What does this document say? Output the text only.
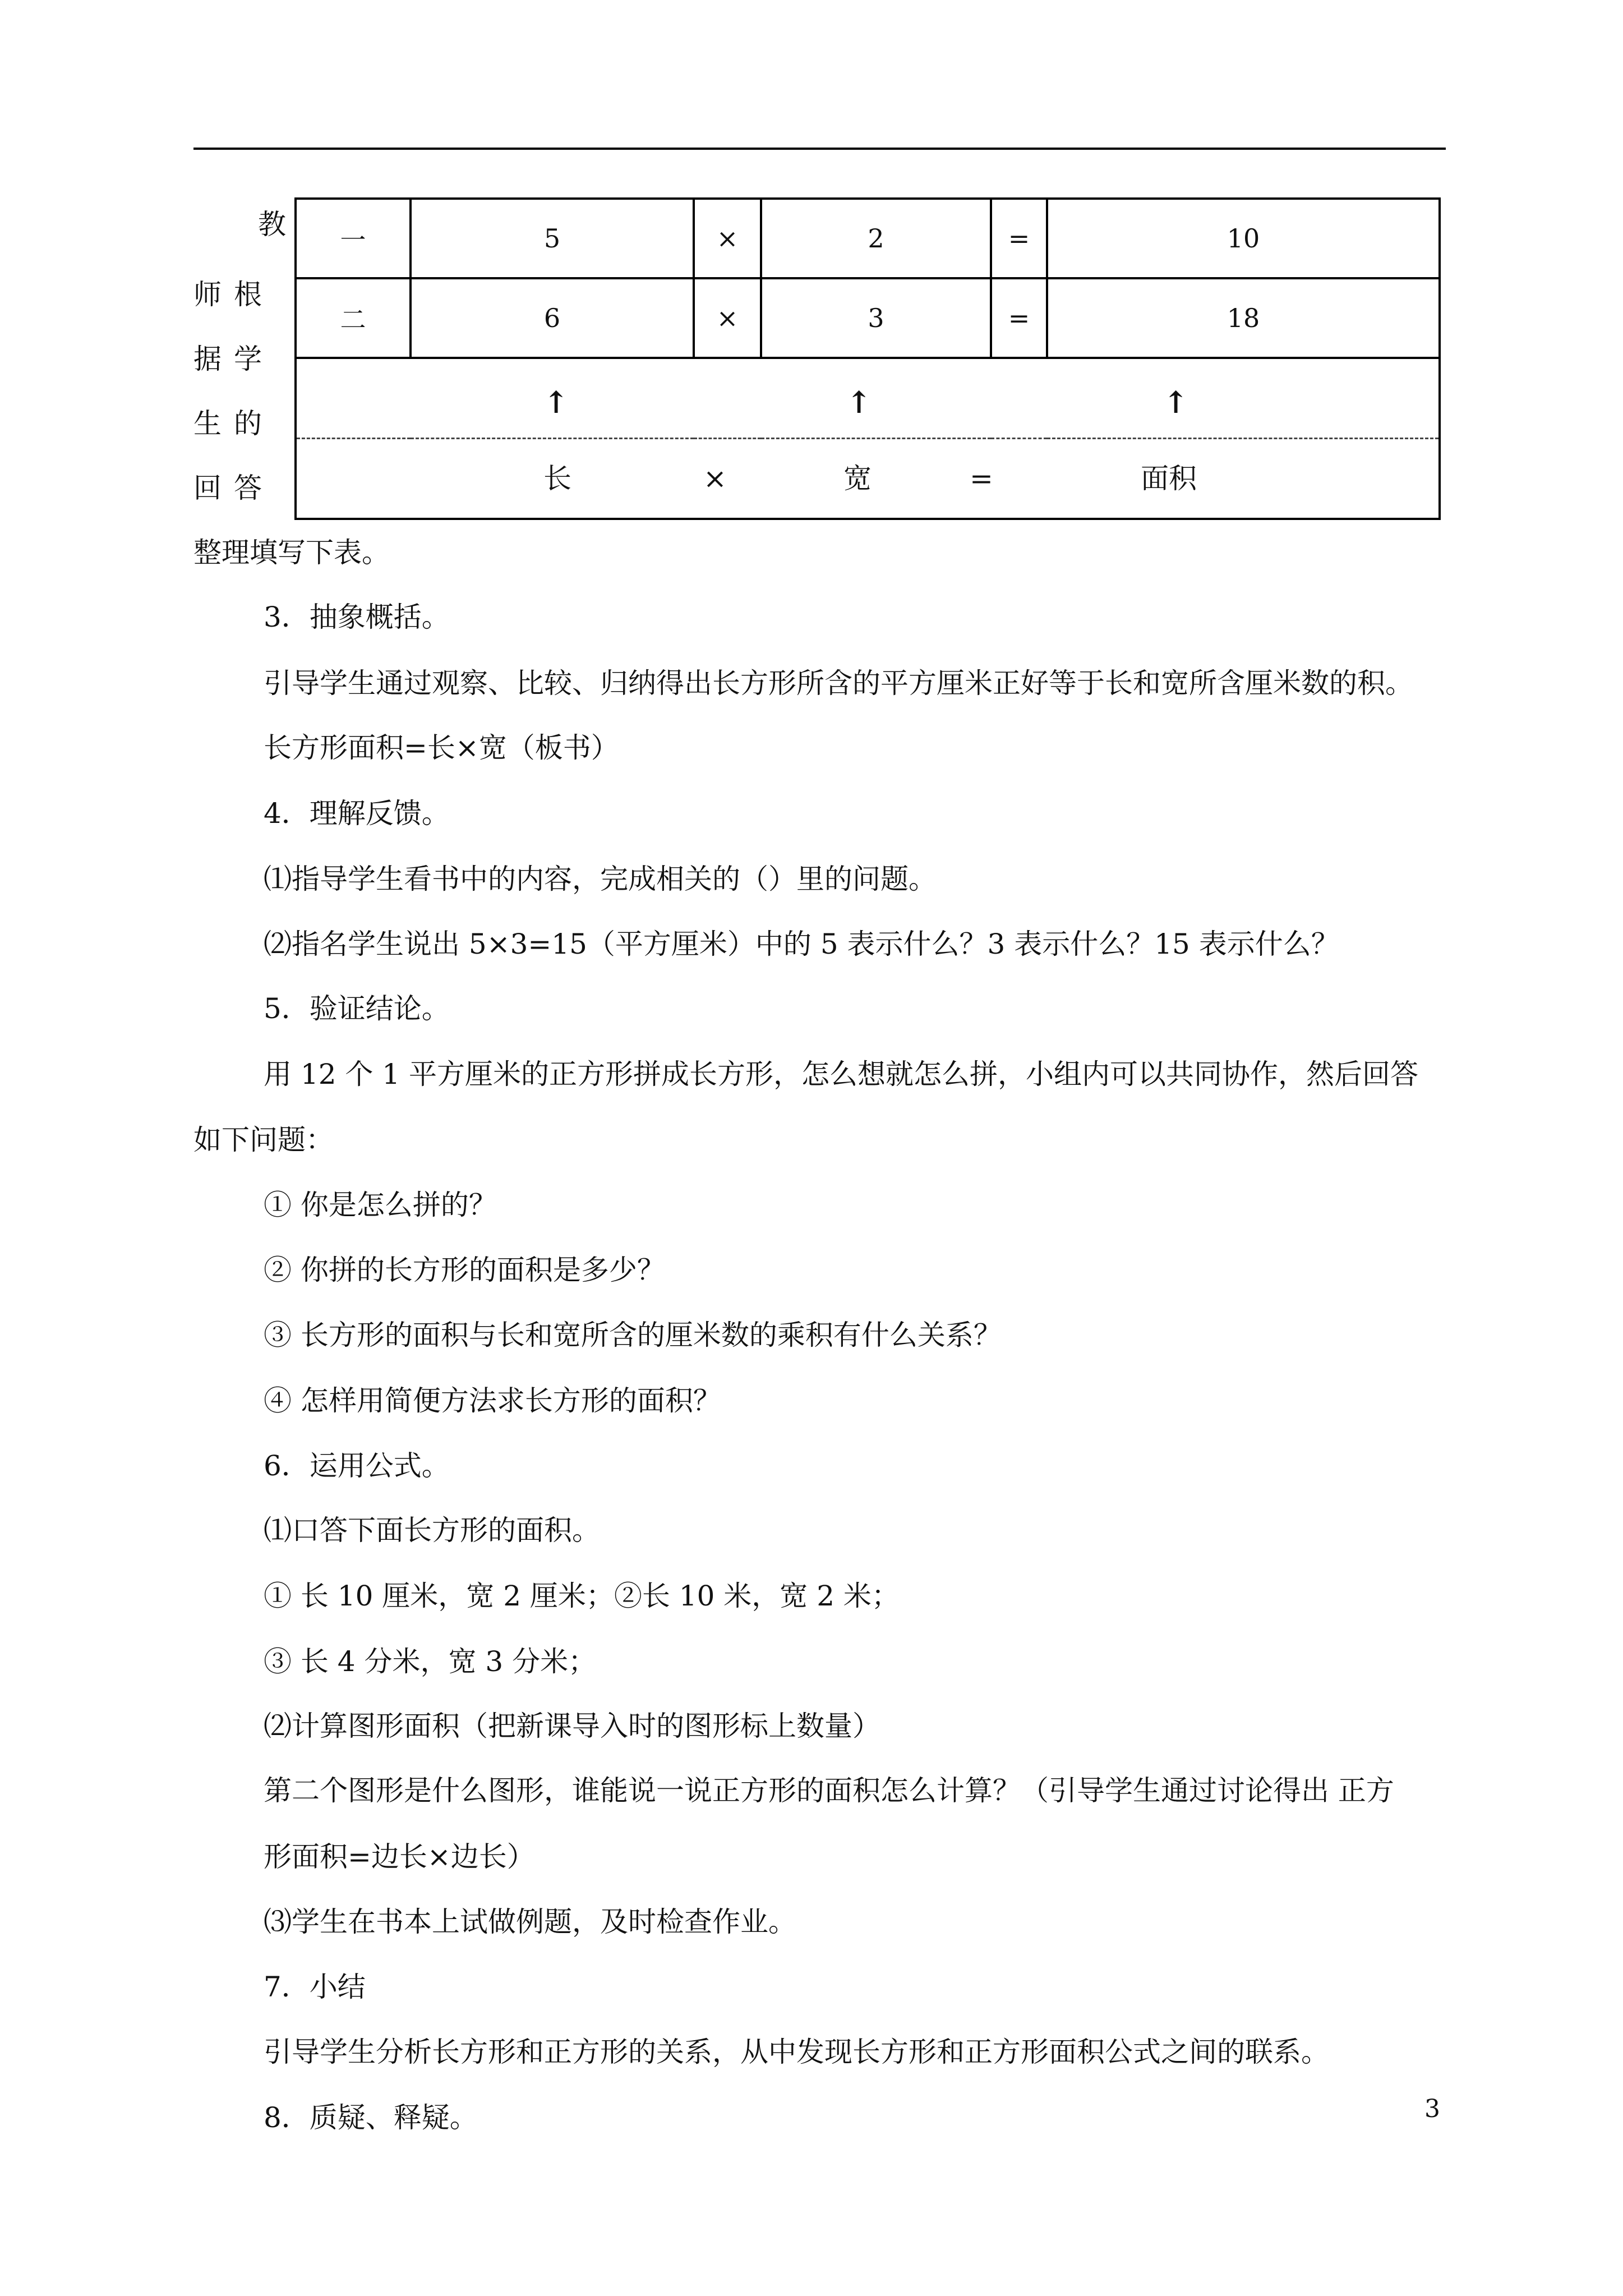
教
师根
据学
生的
回答
一	5	×	2	=	10
二	6	×	3	=	18

↑ ↑ ↑					

长 × 宽 = 面积					
整理填写下表。
3．抽象概括。
引导学生通过观察、比较、归纳得出长方形所含的平方厘米正好等于长和宽所含厘米数的积。
长方形面积=长×宽（板书）
4．理解反馈。
⑴指导学生看书中的内容，完成相关的（）里的问题。
⑵指名学生说出 5×3=15（平方厘米）中的 5 表示什么？3 表示什么？15 表示什么？
5．验证结论。
用 12 个 1 平方厘米的正方形拼成长方形，怎么想就怎么拼，小组内可以共同协作，然后回答
如下问题：
① 你是怎么拼的？
② 你拼的长方形的面积是多少？
③ 长方形的面积与长和宽所含的厘米数的乘积有什么关系？
④ 怎样用简便方法求长方形的面积？
6．运用公式。
⑴口答下面长方形的面积。
① 长 10 厘米，宽 2 厘米；②长 10 米，宽 2 米；
③ 长 4 分米，宽 3 分米；
⑵计算图形面积（把新课导入时的图形标上数量）
第二个图形是什么图形，谁能说一说正方形的面积怎么计算？（引导学生通过讨论得出 正方
形面积=边长×边长）
⑶学生在书本上试做例题，及时检查作业。
7．小结
引导学生分析长方形和正方形的关系，从中发现长方形和正方形面积公式之间的联系。
8．质疑、释疑。	3
